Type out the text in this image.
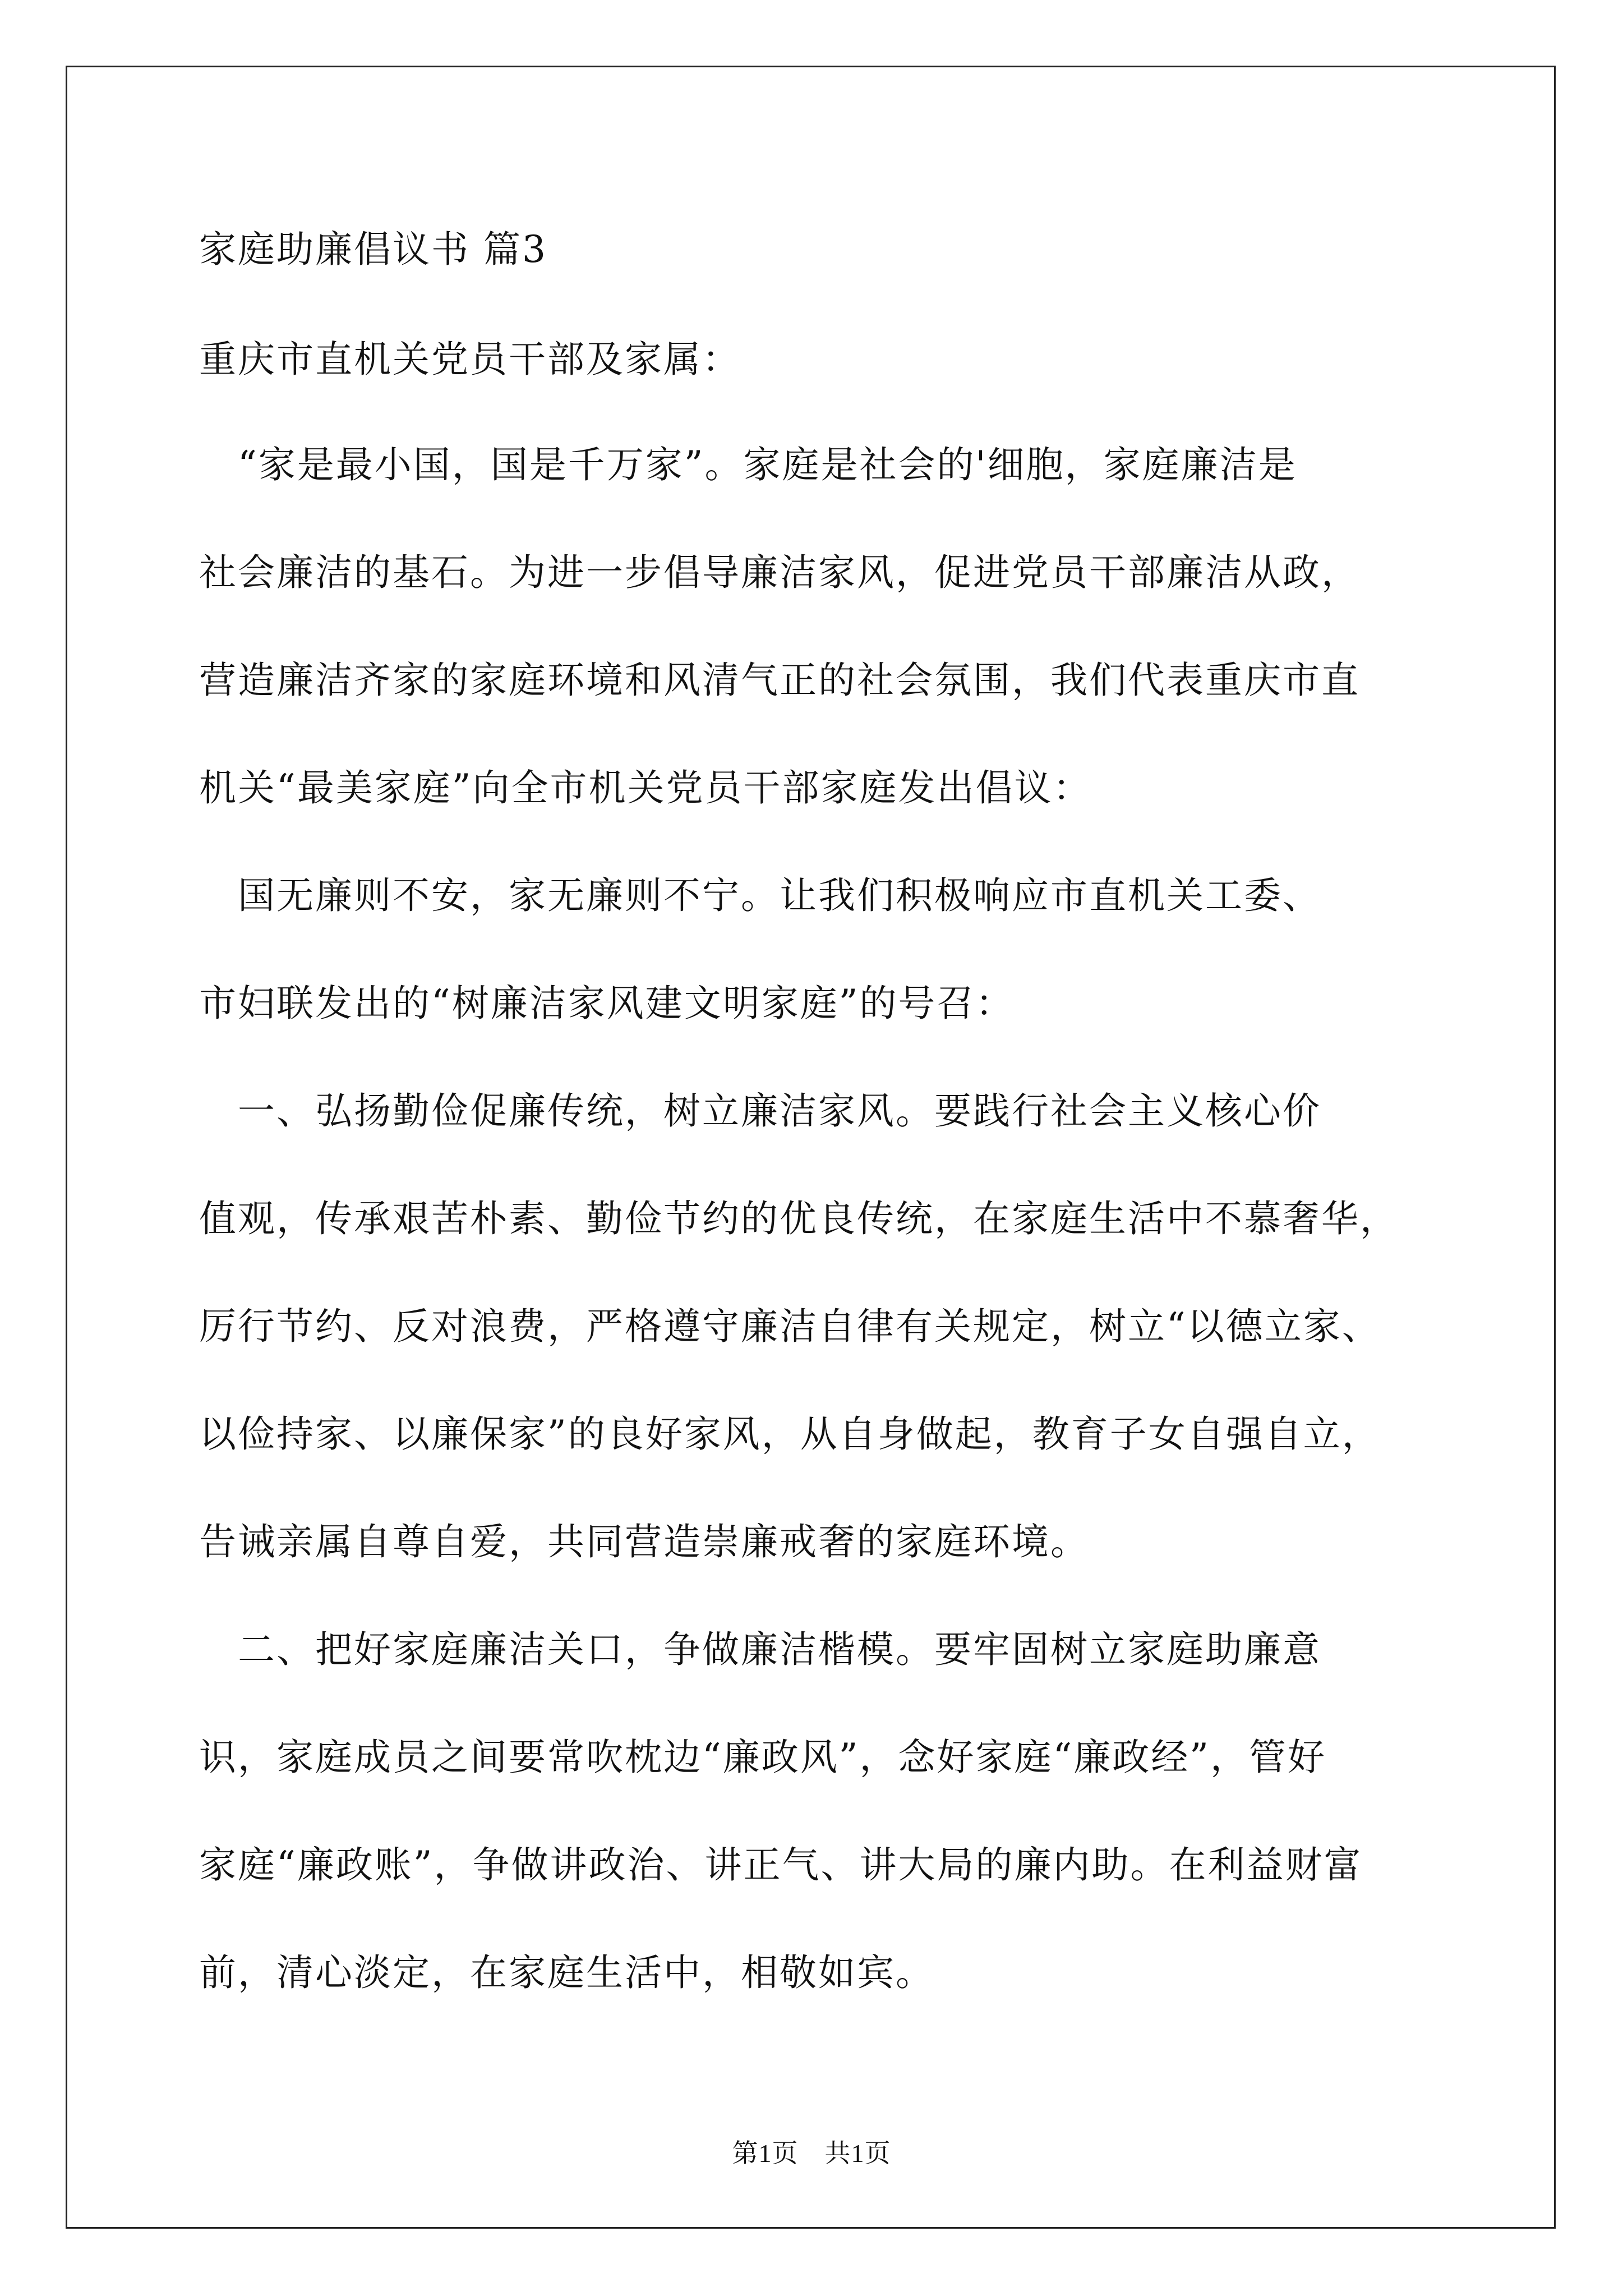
家庭助廉倡议书 篇3
重庆市直机关党员干部及家属：
　“家是最小国，国是千万家”。家庭是社会的'细胞，家庭廉洁是
社会廉洁的基石。为进一步倡导廉洁家风，促进党员干部廉洁从政，
营造廉洁齐家的家庭环境和风清气正的社会氛围，我们代表重庆市直
机关“最美家庭”向全市机关党员干部家庭发出倡议：
　国无廉则不安，家无廉则不宁。让我们积极响应市直机关工委、
市妇联发出的“树廉洁家风建文明家庭”的号召：
　一、弘扬勤俭促廉传统，树立廉洁家风。要践行社会主义核心价
值观，传承艰苦朴素、勤俭节约的优良传统，在家庭生活中不慕奢华，
厉行节约、反对浪费，严格遵守廉洁自律有关规定，树立“以德立家、
以俭持家、以廉保家”的良好家风，从自身做起，教育子女自强自立，
告诫亲属自尊自爱，共同营造崇廉戒奢的家庭环境。
　二、把好家庭廉洁关口，争做廉洁楷模。要牢固树立家庭助廉意
识，家庭成员之间要常吹枕边“廉政风”，念好家庭“廉政经”，管好
家庭“廉政账”，争做讲政治、讲正气、讲大局的廉内助。在利益财富
前，清心淡定，在家庭生活中，相敬如宾。
第1页　共1页
